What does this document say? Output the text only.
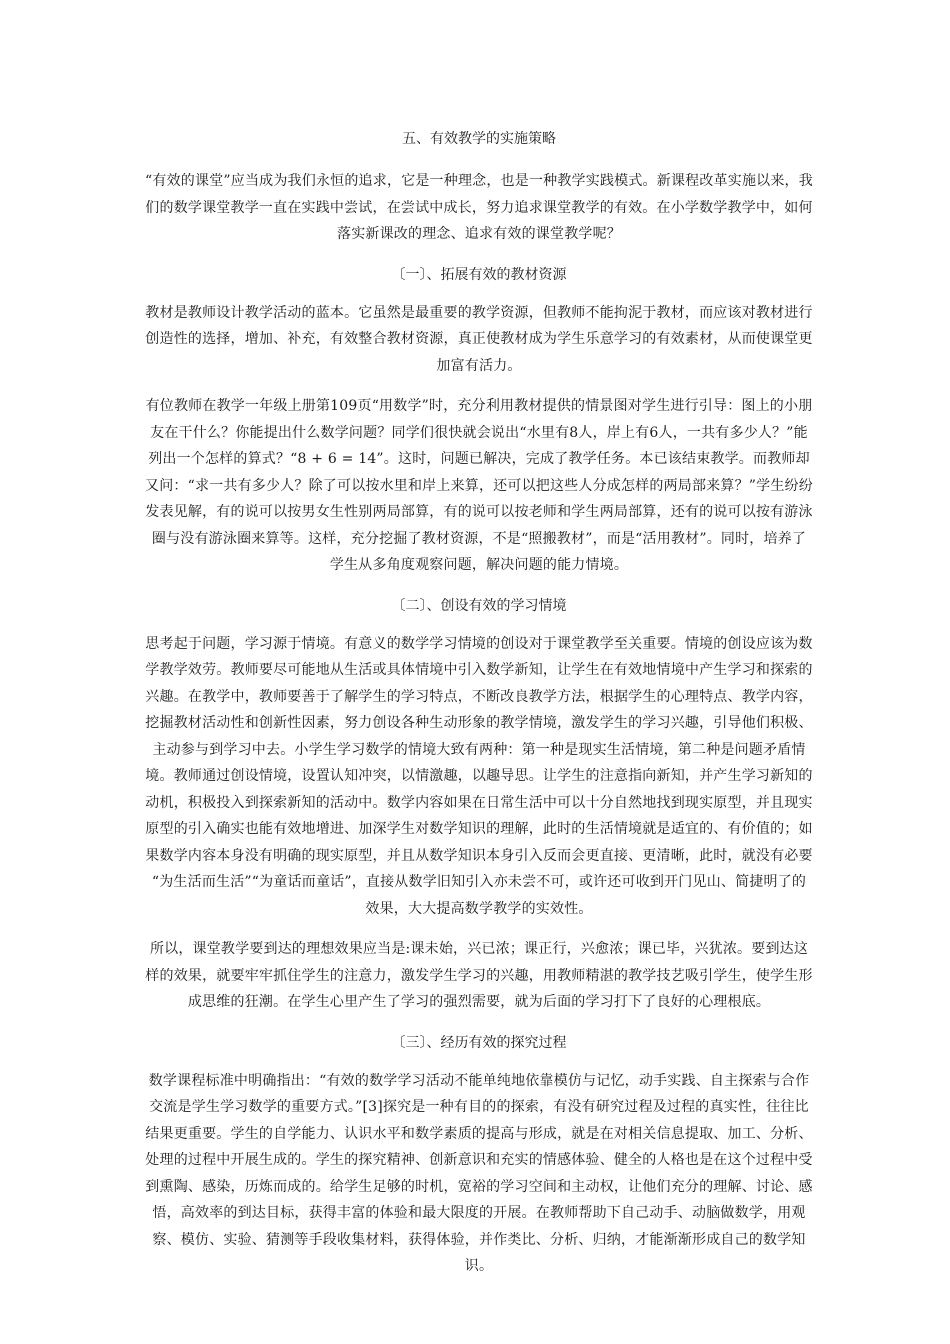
五、有效教学的实施策略

“有效的课堂”应当成为我们永恒的追求，它是一种理念，也是一种教学实践模式。新课程改革实施以来，我们的数学课堂教学一直在实践中尝试，在尝试中成长，努力追求课堂教学的有效。在小学数学教学中，如何落实新课改的理念、追求有效的课堂教学呢？

〔一〕、拓展有效的教材资源

教材是教师设计教学活动的蓝本。它虽然是最重要的教学资源，但教师不能拘泥于教材，而应该对教材进行创造性的选择，增加、补充，有效整合教材资源，真正使教材成为学生乐意学习的有效素材，从而使课堂更加富有活力。

有位教师在教学一年级上册第109页“用数学”时，充分利用教材提供的情景图对学生进行引导：图上的小朋友在干什么？你能提出什么数学问题？同学们很快就会说出“水里有8人，岸上有6人，一共有多少人？”能列出一个怎样的算式？“8 + 6 = 14”。这时，问题已解决，完成了教学任务。本已该结束教学。而教师却又问：“求一共有多少人？除了可以按水里和岸上来算，还可以把这些人分成怎样的两局部来算？”学生纷纷发表见解，有的说可以按男女生性别两局部算，有的说可以按老师和学生两局部算，还有的说可以按有游泳圈与没有游泳圈来算等。这样，充分挖掘了教材资源，不是“照搬教材”，而是“活用教材”。同时，培养了学生从多角度观察问题，解决问题的能力情境。

〔二〕、创设有效的学习情境

思考起于问题，学习源于情境。有意义的数学学习情境的创设对于课堂教学至关重要。情境的创设应该为数学教学效劳。教师要尽可能地从生活或具体情境中引入数学新知，让学生在有效地情境中产生学习和探索的兴趣。在教学中，教师要善于了解学生的学习特点，不断改良教学方法，根据学生的心理特点、教学内容，挖掘教材活动性和创新性因素，努力创设各种生动形象的教学情境，激发学生的学习兴趣，引导他们积极、主动参与到学习中去。小学生学习数学的情境大致有两种：第一种是现实生活情境，第二种是问题矛盾情境。教师通过创设情境，设置认知冲突，以情激趣，以趣导思。让学生的注意指向新知，并产生学习新知的动机，积极投入到探索新知的活动中。数学内容如果在日常生活中可以十分自然地找到现实原型，并且现实原型的引入确实也能有效地增进、加深学生对数学知识的理解，此时的生活情境就是适宜的、有价值的；如果数学内容本身没有明确的现实原型，并且从数学知识本身引入反而会更直接、更清晰，此时，就没有必要 “为生活而生活”“为童话而童话”，直接从数学旧知引入亦未尝不可，或许还可收到开门见山、简捷明了的效果，大大提高数学教学的实效性。

所以，课堂教学要到达的理想效果应当是:课未始，兴已浓；课正行，兴愈浓；课已毕，兴犹浓。要到达这样的效果，就要牢牢抓住学生的注意力，激发学生学习的兴趣，用教师精湛的教学技艺吸引学生，使学生形成思维的狂潮。在学生心里产生了学习的强烈需要，就为后面的学习打下了良好的心理根底。

〔三〕、经历有效的探究过程

数学课程标准中明确指出：“有效的数学学习活动不能单纯地依靠模仿与记忆，动手实践、自主探索与合作交流是学生学习数学的重要方式。”[3]探究是一种有目的的探索，有没有研究过程及过程的真实性，往往比结果更重要。学生的自学能力、认识水平和数学素质的提高与形成，就是在对相关信息提取、加工、分析、处理的过程中开展生成的。学生的探究精神、创新意识和充实的情感体验、健全的人格也是在这个过程中受到熏陶、感染，历炼而成的。给学生足够的时机，宽裕的学习空间和主动权，让他们充分的理解、讨论、感悟，高效率的到达目标，获得丰富的体验和最大限度的开展。在教师帮助下自己动手、动脑做数学，用观察、模仿、实验、猜测等手段收集材料，获得体验，并作类比、分析、归纳，才能渐渐形成自己的数学知识。
